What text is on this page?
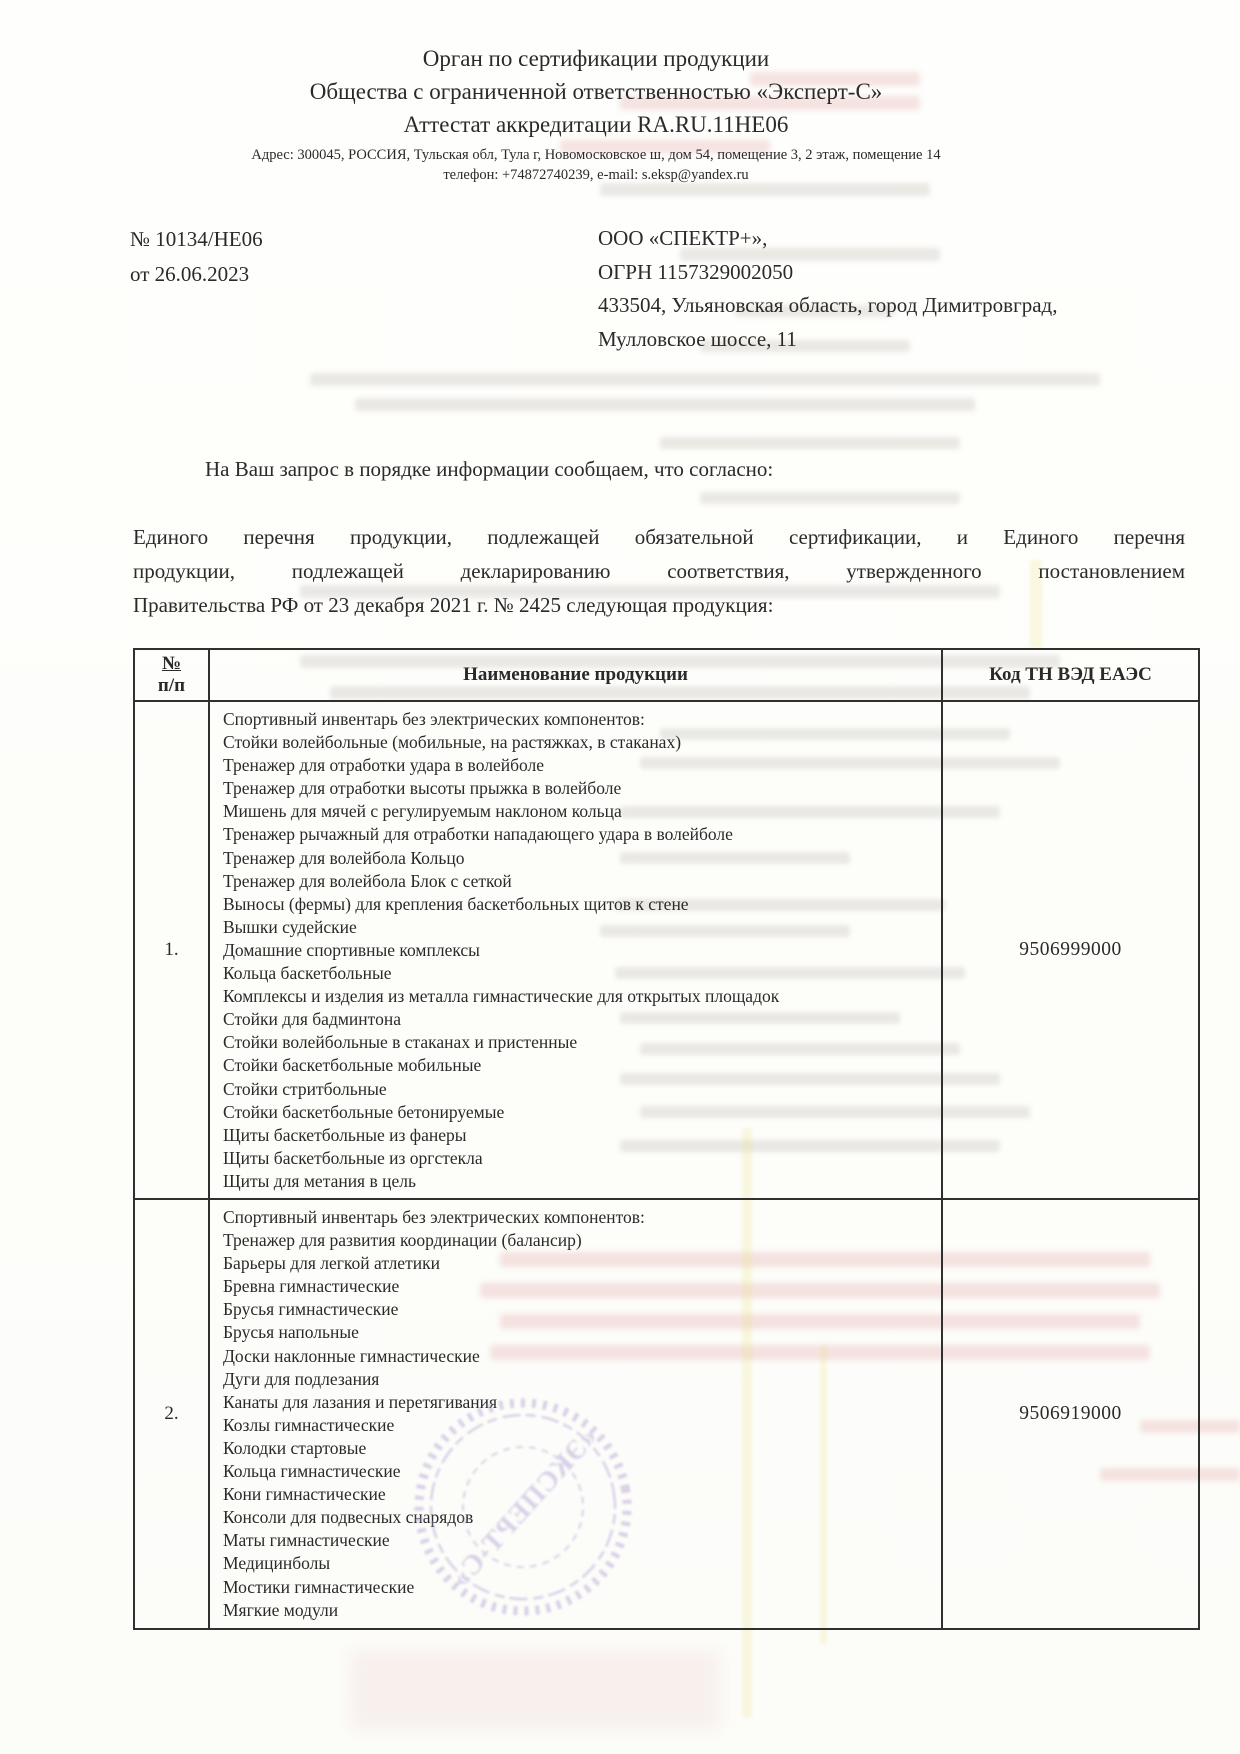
Орган по сертификации продукции
Общества с ограниченной ответственностью «Эксперт-С»
Аттестат аккредитации RA.RU.11НЕ06
Адрес: 300045, РОССИЯ, Тульская обл, Тула г, Новомосковское ш, дом 54, помещение 3, 2 этаж, помещение 14
телефон: +74872740239, e-mail: s.eksp@yandex.ru
№ 10134/НЕ06
от 26.06.2023
ООО «СПЕКТР+»,
ОГРН 1157329002050
433504, Ульяновская область, город Димитровград,
Мулловское шоссе, 11
На Ваш запрос в порядке информации сообщаем, что согласно:
Единого перечня продукции, подлежащей обязательной сертификации, и Единого перечня
продукции, подлежащей декларированию соответствия, утвержденного постановлением
Правительства РФ от 23 декабря 2021 г. № 2425 следующая продукция:
№
п/п
Наименование продукции	Код ТН ВЭД ЕАЭС
1.
Спортивный инвентарь без электрических компонентов:
Стойки волейбольные (мобильные, на растяжках, в стаканах)
Тренажер для отработки удара в волейболе
Тренажер для отработки высоты прыжка в волейболе
Мишень для мячей с регулируемым наклоном кольца
Тренажер рычажный для отработки нападающего удара в волейболе
Тренажер для волейбола Кольцо
Тренажер для волейбола Блок с сеткой
Выносы (фермы) для крепления баскетбольных щитов к стене
Вышки судейские
Домашние спортивные комплексы
Кольца баскетбольные
Комплексы и изделия из металла гимнастические для открытых площадок
Стойки для бадминтона
Стойки волейбольные в стаканах и пристенные
Стойки баскетбольные мобильные
Стойки стритбольные
Стойки баскетбольные бетонируемые
Щиты баскетбольные из фанеры
Щиты баскетбольные из оргстекла
Щиты для метания в цель
9506999000
2.
Спортивный инвентарь без электрических компонентов:
Тренажер для развития координации (балансир)
Барьеры для легкой атлетики
Бревна гимнастические
Брусья гимнастические
Брусья напольные
Доски наклонные гимнастические
Дуги для подлезания
Канаты для лазания и перетягивания
Козлы гимнастические
Колодки стартовые
Кольца гимнастические
Кони гимнастические
Консоли для подвесных снарядов
Маты гимнастические
Медицинболы
Мостики гимнастические
Мягкие модули
9506919000
«ЭКСПЕРТ-С»
